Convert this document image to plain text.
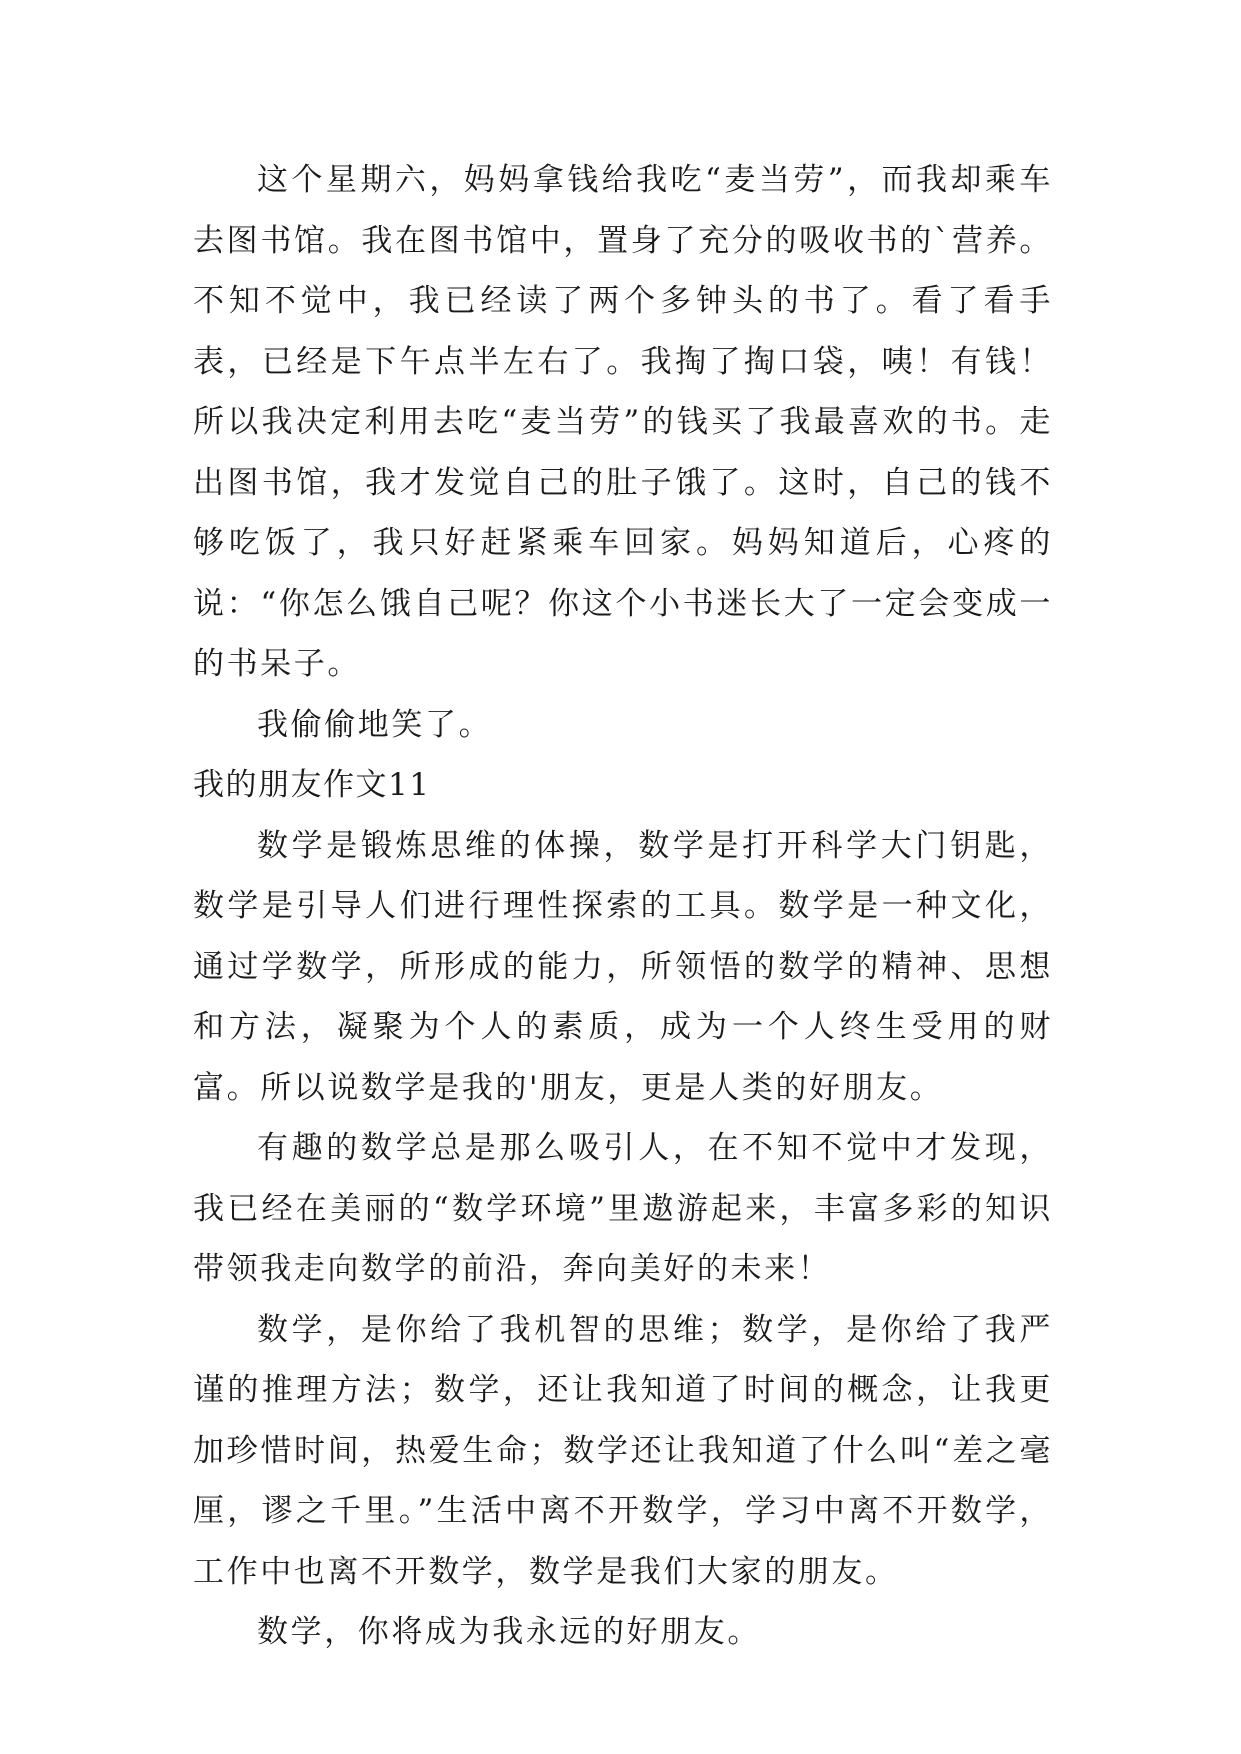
这个星期六，妈妈拿钱给我吃“麦当劳”，而我却乘车去图书馆。我在图书馆中，置身了充分的吸收书的`营养。不知不觉中，我已经读了两个多钟头的书了。看了看手表，已经是下午点半左右了。我掏了掏口袋，咦！有钱！所以我决定利用去吃“麦当劳”的钱买了我最喜欢的书。走出图书馆，我才发觉自己的肚子饿了。这时，自己的钱不够吃饭了，我只好赶紧乘车回家。妈妈知道后，心疼的说：“你怎么饿自己呢？你这个小书迷长大了一定会变成一的书呆子。

我偷偷地笑了。

我的朋友作文11

数学是锻炼思维的体操，数学是打开科学大门钥匙，数学是引导人们进行理性探索的工具。数学是一种文化，通过学数学，所形成的能力，所领悟的数学的精神、思想和方法，凝聚为个人的素质，成为一个人终生受用的财富。所以说数学是我的'朋友，更是人类的好朋友。

有趣的数学总是那么吸引人，在不知不觉中才发现，我已经在美丽的“数学环境”里遨游起来，丰富多彩的知识带领我走向数学的前沿，奔向美好的未来！

数学，是你给了我机智的思维；数学，是你给了我严谨的推理方法；数学，还让我知道了时间的概念，让我更加珍惜时间，热爱生命；数学还让我知道了什么叫“差之毫厘，谬之千里。”生活中离不开数学，学习中离不开数学，工作中也离不开数学，数学是我们大家的朋友。

数学，你将成为我永远的好朋友。
